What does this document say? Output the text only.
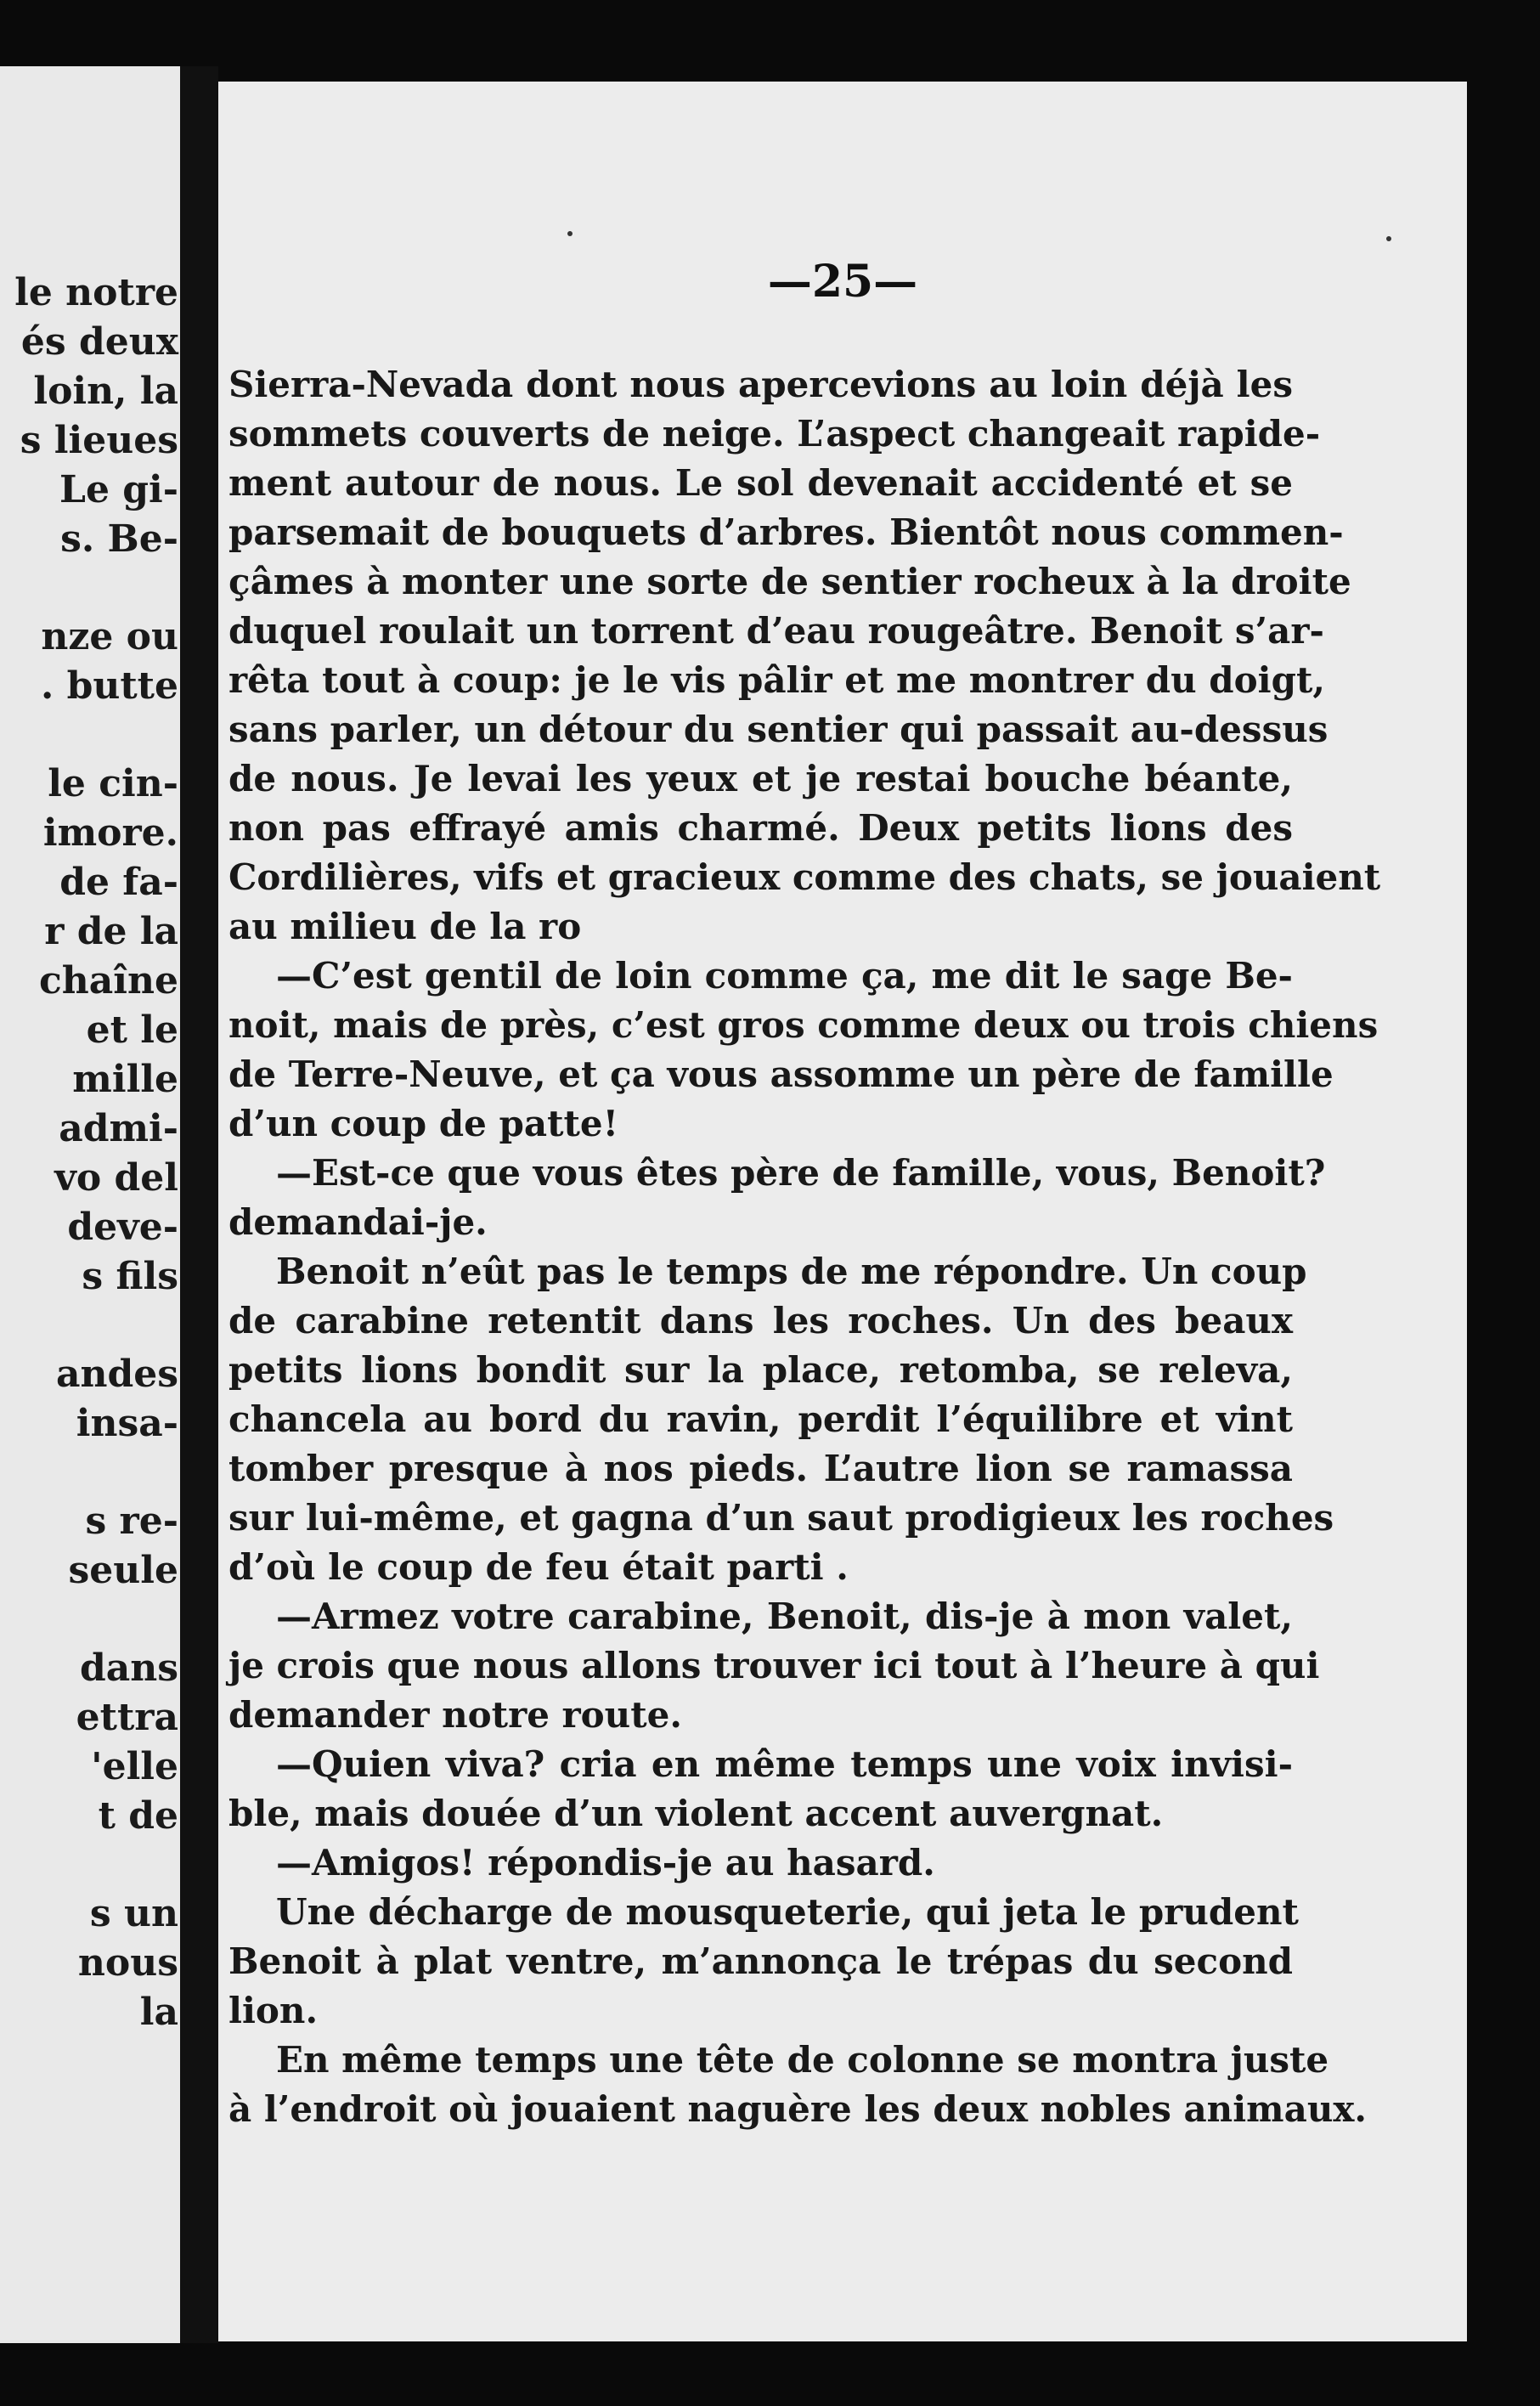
le notre
és deux
loin, la
s lieues
Le gi-
s. Be-
nze ou
. butte
le cin-
imore.
de fa-
r de la
chaîne
et le
mille
admi-
vo del
deve-
s fils
andes
insa-
s re-
seule
dans
ettra
'elle
t de
s un
nous
la
—25—
Sierra-Nevada dont nous apercevions au loin déjà les
sommets couverts de neige. L’aspect changeait rapide-
ment autour de nous. Le sol devenait accidenté et se
parsemait de bouquets d’arbres. Bientôt nous commen-
çâmes à monter une sorte de sentier rocheux à la droite
duquel roulait un torrent d’eau rougeâtre. Benoit s’ar-
rêta tout à coup: je le vis pâlir et me montrer du doigt,
sans parler, un détour du sentier qui passait au-dessus
de nous. Je levai les yeux et je restai bouche béante,
non pas effrayé amis charmé. Deux petits lions des
Cordilières, vifs et gracieux comme des chats, se jouaient
au milieu de la ro
—C’est gentil de loin comme ça, me dit le sage Be-
noit, mais de près, c’est gros comme deux ou trois chiens
de Terre-Neuve, et ça vous assomme un père de famille
d’un coup de patte!
—Est-ce que vous êtes père de famille, vous, Benoit?
demandai-je.
Benoit n’eût pas le temps de me répondre. Un coup
de carabine retentit dans les roches. Un des beaux
petits lions bondit sur la place, retomba, se releva,
chancela au bord du ravin, perdit l’équilibre et vint
tomber presque à nos pieds. L’autre lion se ramassa
sur lui-même, et gagna d’un saut prodigieux les roches
d’où le coup de feu était parti .
—Armez votre carabine, Benoit, dis-je à mon valet,
je crois que nous allons trouver ici tout à l’heure à qui
demander notre route.
—Quien viva? cria en même temps une voix invisi-
ble, mais douée d’un violent accent auvergnat.
—Amigos! répondis-je au hasard.
Une décharge de mousqueterie, qui jeta le prudent
Benoit à plat ventre, m’annonça le trépas du second
lion.
En même temps une tête de colonne se montra juste
à l’endroit où jouaient naguère les deux nobles animaux.
